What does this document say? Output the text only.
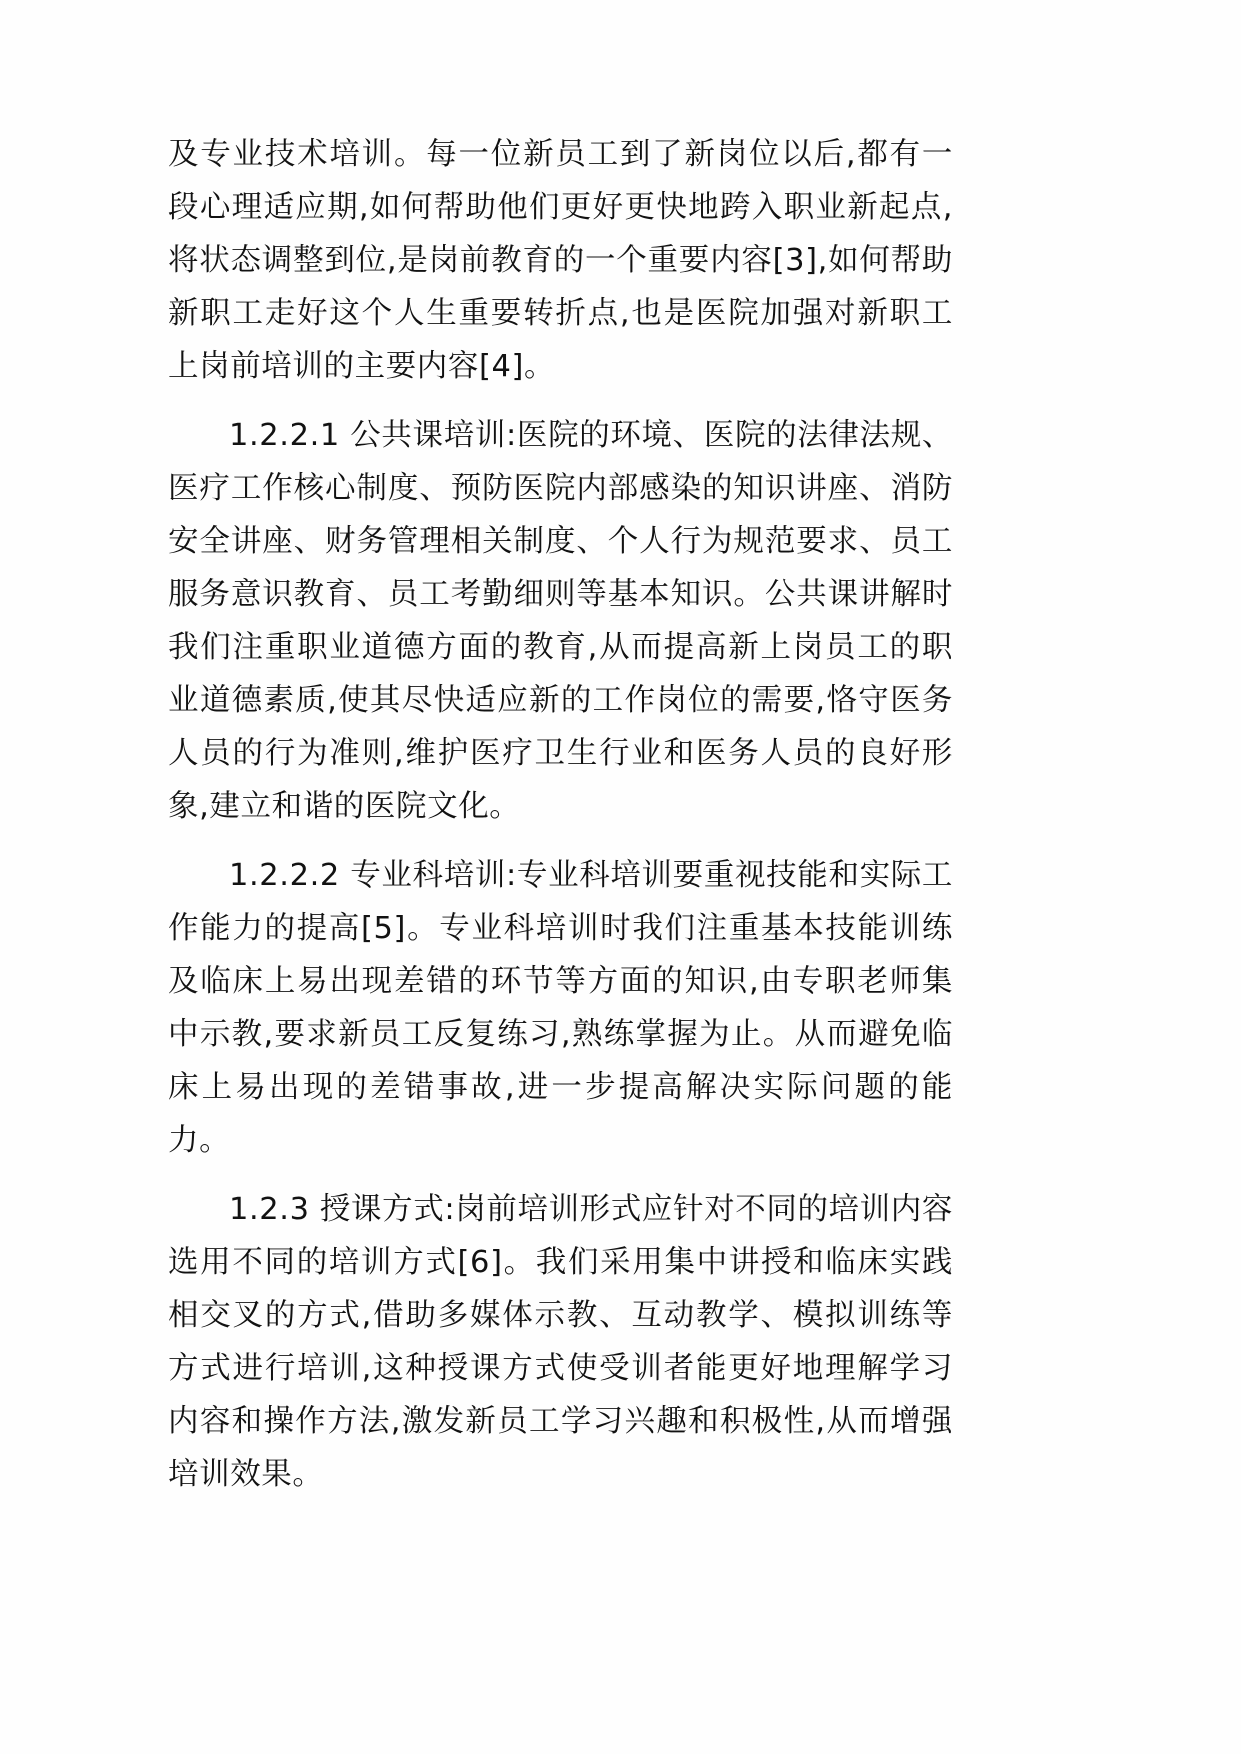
及专业技术培训。每一位新员工到了新岗位以后,都有一段心理适应期,如何帮助他们更好更快地跨入职业新起点,将状态调整到位,是岗前教育的一个重要内容[3],如何帮助新职工走好这个人生重要转折点,也是医院加强对新职工上岗前培训的主要内容[4]。

1.2.2.1 公共课培训:医院的环境、医院的法律法规、医疗工作核心制度、预防医院内部感染的知识讲座、消防安全讲座、财务管理相关制度、个人行为规范要求、员工服务意识教育、员工考勤细则等基本知识。公共课讲解时我们注重职业道德方面的教育,从而提高新上岗员工的职业道德素质,使其尽快适应新的工作岗位的需要,恪守医务人员的行为准则,维护医疗卫生行业和医务人员的良好形象,建立和谐的医院文化。

1.2.2.2 专业科培训:专业科培训要重视技能和实际工作能力的提高[5]。专业科培训时我们注重基本技能训练及临床上易出现差错的环节等方面的知识,由专职老师集中示教,要求新员工反复练习,熟练掌握为止。从而避免临床上易出现的差错事故,进一步提高解决实际问题的能力。

1.2.3 授课方式:岗前培训形式应针对不同的培训内容选用不同的培训方式[6]。我们采用集中讲授和临床实践相交叉的方式,借助多媒体示教、互动教学、模拟训练等方式进行培训,这种授课方式使受训者能更好地理解学习内容和操作方法,激发新员工学习兴趣和积极性,从而增强培训效果。
